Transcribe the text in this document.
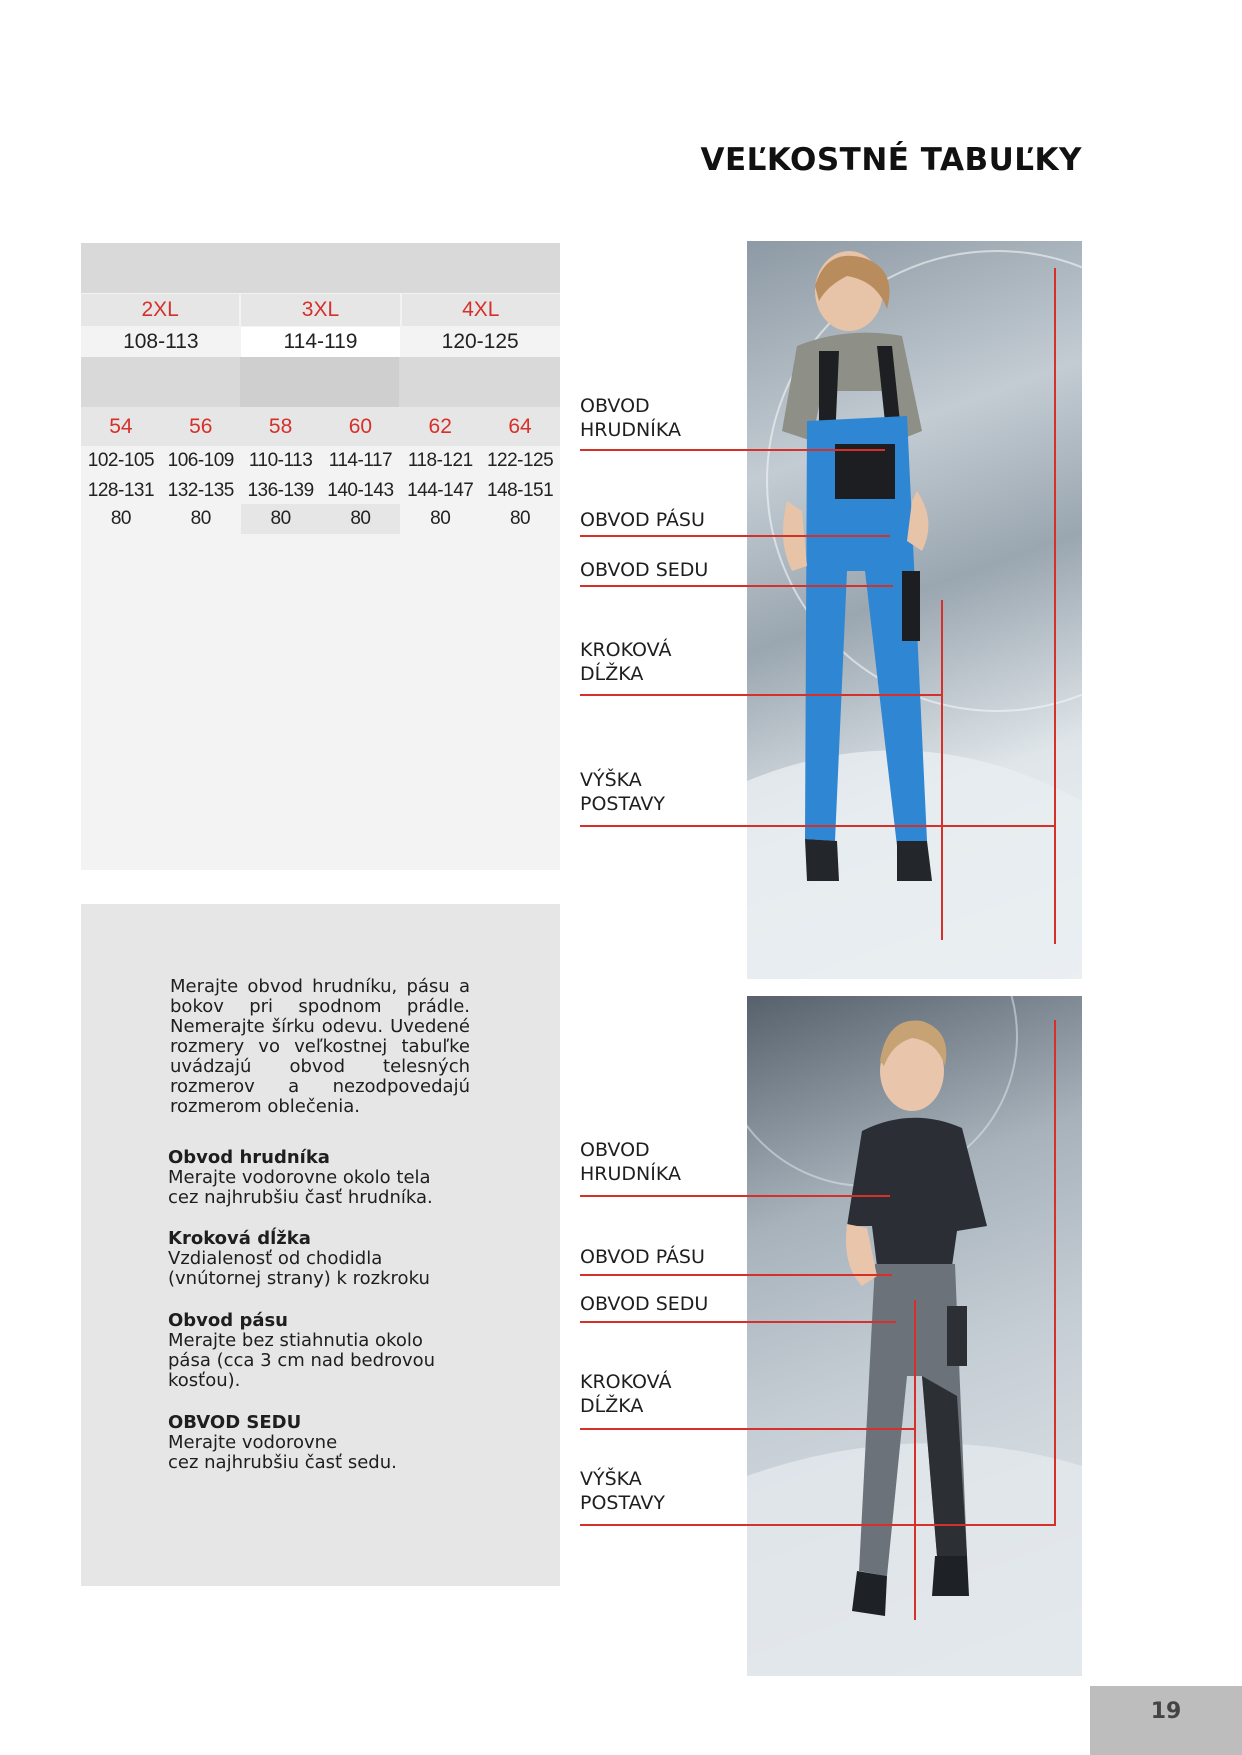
VEĽKOSTNÉ TABUĽKY
2XL	3XL	4XL
108-113	114-119	120-125
54	56	58	60	62	64
102-105 106-109 110-113 114-117 118-121 122-125
128-131 132-135 136-139 140-143 144-147 148-151
80	80	80	80	80	80
Merajte obvod hrudníku, pásu a bokov pri spodnom prádle. Nemerajte šírku odevu. Uvedené rozmery vo veľkostnej tabuľke uvádzajú obvod telesných rozmerov a nezodpovedajú rozmerom oblečenia.
Obvod hrudníka
Merajte vodorovne okolo tela
cez najhrubšiu časť hrudníka.
Kroková dĺžka
Vzdialenosť od chodidla
(vnútornej strany) k rozkroku
Obvod pásu
Merajte bez stiahnutia okolo
pása (cca 3 cm nad bedrovou
kosťou).
OBVOD SEDU
Merajte vodorovne
cez najhrubšiu časť sedu.
OBVOD
HRUDNÍKA
OBVOD PÁSU
OBVOD SEDU
KROKOVÁ
DĹŽKA
VÝŠKA
POSTAVY
OBVOD
HRUDNÍKA
OBVOD PÁSU
OBVOD SEDU
KROKOVÁ
DĹŽKA
VÝŠKA
POSTAVY
19
